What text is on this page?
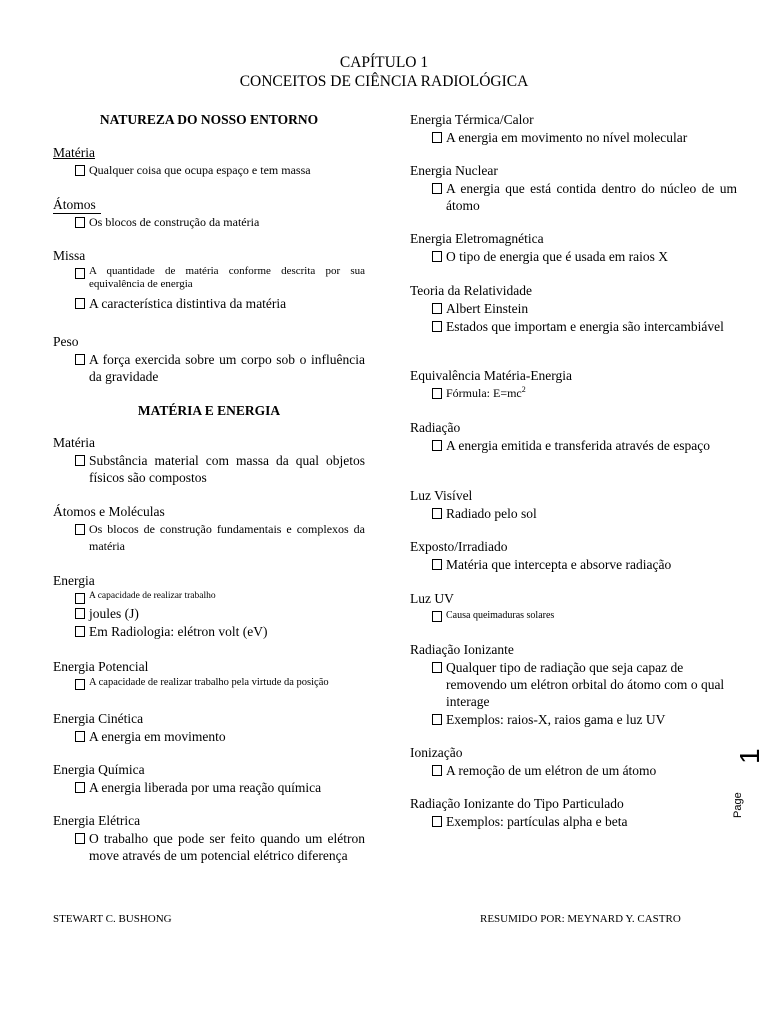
CAPÍTULO 1
CONCEITOS DE CIÊNCIA RADIOLÓGICA
NATUREZA DO NOSSO ENTORNO
Matéria
Qualquer coisa que ocupa espaço e tem massa
Átomos
Os blocos de construção da matéria
Missa
A quantidade de matéria conforme descrita por sua equivalência de energia
A característica distintiva da matéria
Peso
A força exercida sobre um corpo sob o influência da gravidade
MATÉRIA E ENERGIA
Matéria
Substância material com massa da qual objetos físicos são compostos
Átomos e Moléculas
Os blocos de construção fundamentais e complexos da matéria
Energia
A capacidade de realizar trabalho
joules (J)
Em Radiologia: elétron volt (eV)
Energia Potencial
A capacidade de realizar trabalho pela virtude da posição
Energia Cinética
A energia em movimento
Energia Química
A energia liberada por uma reação química
Energia Elétrica
O trabalho que pode ser feito quando um elétron move através de um potencial elétrico diferença
Energia Térmica/Calor
A energia em movimento no nível molecular
Energia Nuclear
A energia que está contida dentro do núcleo de um átomo
Energia Eletromagnética
O tipo de energia que é usada em raios X
Teoria da Relatividade
Albert Einstein
Estados que importam e energia são intercambiável
Equivalência Matéria-Energia
Fórmula: $E=mc^2$
Radiação
A energia emitida e transferida através de espaço
Luz Visível
Radiado pelo sol
Exposto/Irradiado
Matéria que intercepta e absorve radiação
Luz UV
Causa queimaduras solares
Radiação Ionizante
Qualquer tipo de radiação que seja capaz de removendo um elétron orbital do átomo com o qual interage
Exemplos: raios-X, raios gama e luz UV
Ionização
A remoção de um elétron de um átomo
Radiação Ionizante do Tipo Particulado
Exemplos: partículas alpha e beta
1
Page
STEWART C. BUSHONG	RESUMIDO POR: MEYNARD Y. CASTRO
